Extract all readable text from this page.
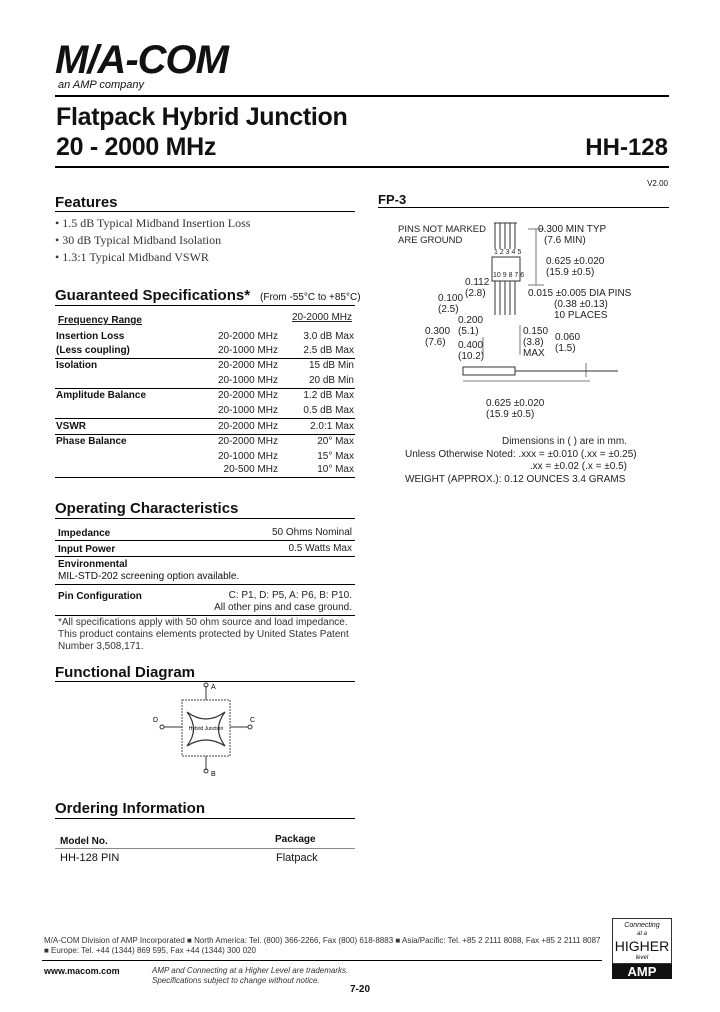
M/A-COM
an AMP company
Flatpack Hybrid Junction
20 - 2000 MHz	HH-128
V2.00
Features
• 1.5 dB Typical Midband Insertion Loss
• 30 dB Typical Midband Isolation
• 1.3:1 Typical Midband VSWR
Guaranteed Specifications* (From -55°C to +85°C)
Frequency Range	20-2000 MHz
Insertion Loss	20-2000 MHz	3.0 dB Max
(Less coupling)	20-1000 MHz	2.5 dB Max
Isolation	20-2000 MHz	15 dB Min
	20-1000 MHz	20 dB Min
Amplitude Balance	20-2000 MHz	1.2 dB Max
	20-1000 MHz	0.5 dB Max
VSWR	20-2000 MHz	2.0:1 Max
Phase Balance	20-2000 MHz	20° Max
	20-1000 MHz	15° Max
	20-500 MHz	10° Max
Operating Characteristics
Impedance	50 Ohms Nominal
Input Power	0.5 Watts Max
Environmental
MIL-STD-202 screening option available.
Pin Configuration	C: P1, D: P5, A: P6, B: P10.
All other pins and case ground.
*All specifications apply with 50 ohm source and load impedance.
This product contains elements protected by United States Patent
Number 3,508,171.
Functional Diagram
A
D
B
C
Hybrid Junction
Ordering Information
Model No.	Package
HH-128 PIN	Flatpack
FP-3
PINS NOT MARKED
ARE GROUND
1 2 3 4 5
10 9 8 7 6
0.300 MIN TYP
(7.6 MIN)
0.625 ±0.020
(15.9 ±0.5)
0.015 ±0.005 DIA PINS
(0.38 ±0.13)
10 PLACES
0.112
(2.8)
0.100
(2.5)
0.200
(5.1)
0.300
(7.6)	0.400
(10.2)
0.150
(3.8)
MAX
0.060
(1.5)
0.625 ±0.020
(15.9 ±0.5)
Dimensions in ( ) are in mm.
Unless Otherwise Noted: .xxx = ±0.010 (.xx = ±0.25)
.xx = ±0.02 (.x = ±0.5)
WEIGHT (APPROX.): 0.12 OUNCES 3.4 GRAMS
M/A-COM Division of AMP Incorporated ■ North America: Tel. (800) 366-2266, Fax (800) 618-8883 ■ Asia/Pacific: Tel. +85 2 2111 8088, Fax +85 2 2111 8087
■ Europe: Tel. +44 (1344) 869 595, Fax +44 (1344) 300 020
www.macom.com	AMP and Connecting at a Higher Level are trademarks.
Specifications subject to change without notice.
7-20
Connecting
at a
HIGHER
level
AMP
